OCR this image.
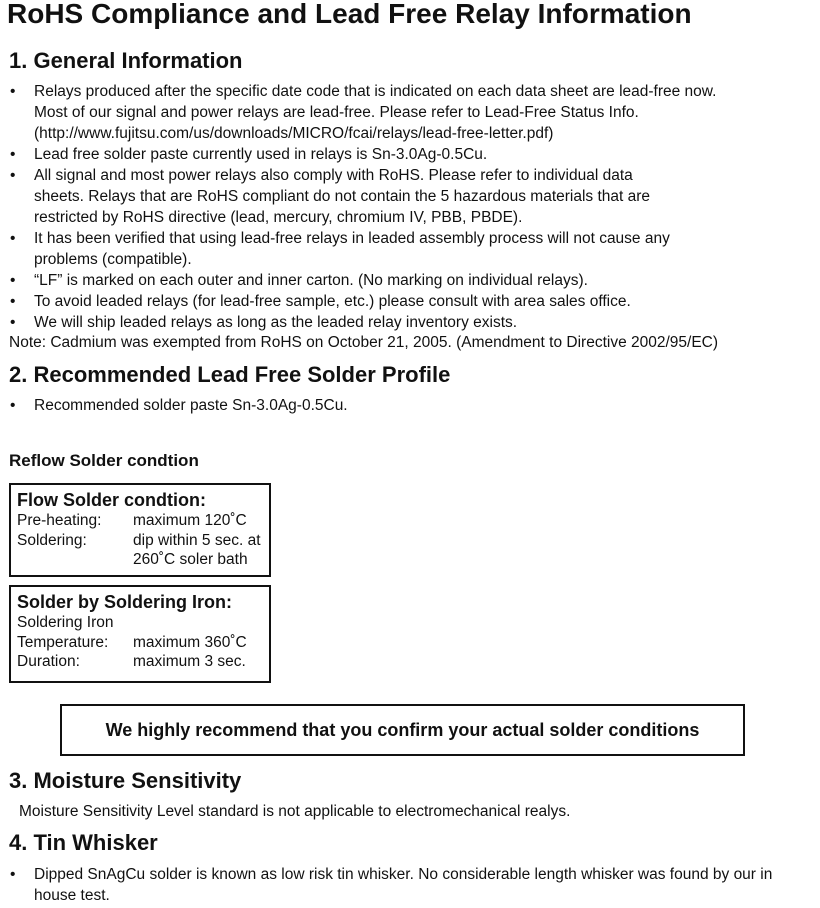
RoHS Compliance and Lead Free Relay Information
1. General Information
• Relays produced after the specific date code that is indicated on each data sheet are lead-free now. Most of our signal and power relays are lead-free. Please refer to Lead-Free Status Info. (http://www.fujitsu.com/us/downloads/MICRO/fcai/relays/lead-free-letter.pdf)
• Lead free solder paste currently used in relays is Sn-3.0Ag-0.5Cu.
• All signal and most power relays also comply with RoHS. Please refer to individual data sheets. Relays that are RoHS compliant do not contain the 5 hazardous materials that are restricted by RoHS directive (lead, mercury, chromium IV, PBB, PBDE).
• It has been verified that using lead-free relays in leaded assembly process will not cause any problems (compatible).
• “LF” is marked on each outer and inner carton. (No marking on individual relays).
• To avoid leaded relays (for lead-free sample, etc.) please consult with area sales office.
• We will ship leaded relays as long as the leaded relay inventory exists.
Note: Cadmium was exempted from RoHS on October 21, 2005. (Amendment to Directive 2002/95/EC)
2. Recommended Lead Free Solder Profile
• Recommended solder paste Sn-3.0Ag-0.5Cu.
Reflow Solder condtion
Flow Solder condtion:
Pre-heating:	maximum 120˚C
Soldering:	dip within 5 sec. at 260˚C soler bath
Solder by Soldering Iron:
Soldering Iron
Temperature:	maximum 360˚C
Duration:	maximum 3 sec.
We highly recommend that you confirm your actual solder conditions
3. Moisture Sensitivity
Moisture Sensitivity Level standard is not applicable to electromechanical realys.
4. Tin Whisker
• Dipped SnAgCu solder is known as low risk tin whisker. No considerable length whisker was found by our in house test.
